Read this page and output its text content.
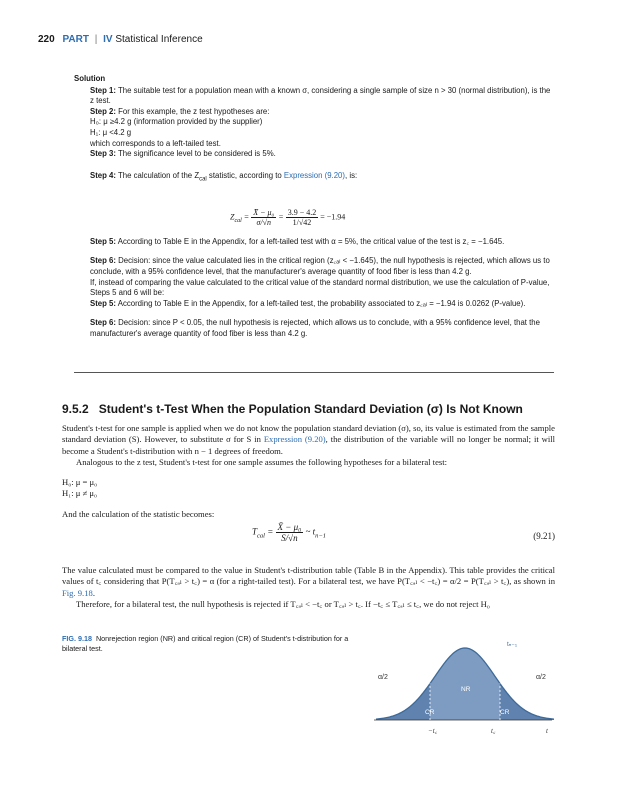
220 PART | IV Statistical Inference

Solution

Step 1: The suitable test for a population mean with a known σ, considering a single sample of size n > 30 (normal distribution), is the z test.

Step 2: For this example, the z test hypotheses are:

H₀: μ ≥4.2 g (information provided by the supplier)

H₁: μ <4.2 g

which corresponds to a left-tailed test.

Step 3: The significance level to be considered is 5%.

Step 4: The calculation of the $Z_{cal}$ statistic, according to Expression (9.20), is:

Step 5: According to Table E in the Appendix, for a left-tailed test with α = 5%, the critical value of the test is z꜀ = −1.645.

Step 6: Decision: since the value calculated lies in the critical region (z꜀ₐₗ < −1.645), the null hypothesis is rejected, which allows us to conclude, with a 95% confidence level, that the manufacturer's average quantity of food fiber is less than 4.2 g.

If, instead of comparing the value calculated to the critical value of the standard normal distribution, we use the calculation of P-value, Steps 5 and 6 will be:

Step 5: According to Table E in the Appendix, for a left-tailed test, the probability associated to z꜀ₐₗ = −1.94 is 0.0262 (P-value).

Step 6: Decision: since P < 0.05, the null hypothesis is rejected, which allows us to conclude, with a 95% confidence level, that the manufacturer's average quantity of food fiber is less than 4.2 g.

$Z_{cal} = \frac{\text{X̄ − μ₀}}{\sigma/√n} = \frac{3.9 - 4.2}{1/√42} = -1.94$
9.5.2 Student's t-Test When the Population Standard Deviation (σ) Is Not Known

Student's t-test for one sample is applied when we do not know the population standard deviation (σ), so, its value is estimated from the sample standard deviation (S). However, to substitute σ for S in Expression (9.20), the distribution of the variable will no longer be normal; it will become a Student's t-distribution with n − 1 degrees of freedom.

Analogous to the z test, Student's t-test for one sample assumes the following hypotheses for a bilateral test:

H₀: μ = μ₀

H₁: μ ≠ μ₀

And the calculation of the statistic becomes:

The value calculated must be compared to the value in Student's t-distribution table (Table B in the Appendix). This table provides the critical values of t꜀ considering that P(T꜀ₐₗ > t꜀) = α (for a right-tailed test). For a bilateral test, we have P(T꜀ₐₗ < −t꜀) = α/2 = P(T꜀ₐₗ > t꜀), as shown in Fig. 9.18.

Therefore, for a bilateral test, the null hypothesis is rejected if T꜀ₐₗ < −t꜀ or T꜀ₐₗ > t꜀. If −t꜀ ≤ T꜀ₐₗ ≤ t꜀, we do not reject H₀

$T_{cal} = \frac{\text{X̄ − μ₀}}{S/√n}$ ~ $t_{n-1}$	(9.21)
FIG. 9.18 Nonrejection region (NR) and critical region (CR) of Student's t-distribution for a bilateral test.	tₙ₋₁
α/2	α/2
NR
CR	CR
−t꜀	t꜀	t
